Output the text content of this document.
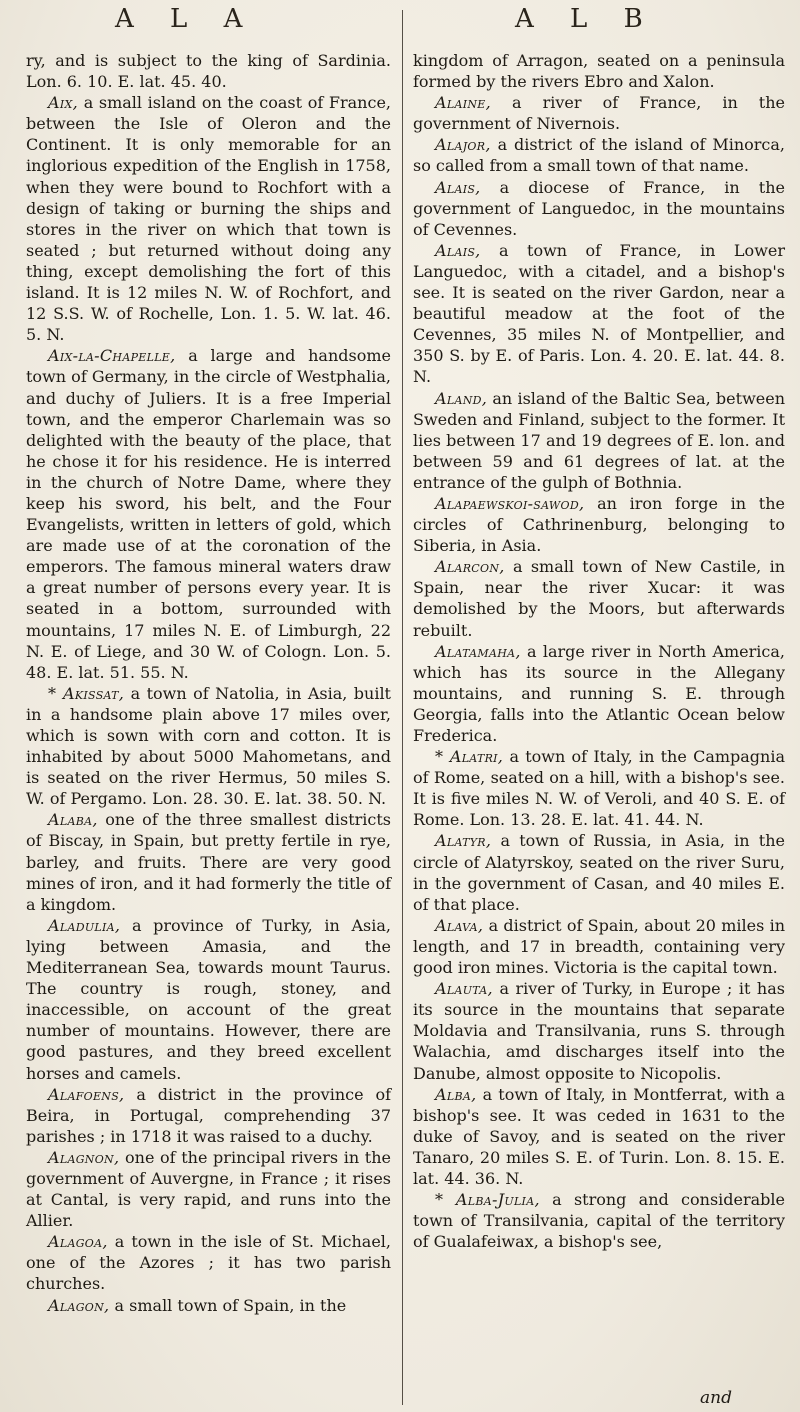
A L A	A L B

ry, and is subject to the king of Sardinia. Lon. 6. 10. E. lat. 45. 40.

Aix, a small island on the coast of France, between the Isle of Oleron and the Continent. It is only memorable for an inglorious expedition of the English in 1758, when they were bound to Rochfort with a design of taking or burning the ships and stores in the river on which that town is seated ; but returned without doing any thing, except demolishing the fort of this island. It is 12 miles N. W. of Rochfort, and 12 S.S. W. of Rochelle, Lon. 1. 5. W. lat. 46. 5. N.

Aix-la-Chapelle, a large and handsome town of Germany, in the circle of Westphalia, and duchy of Juliers. It is a free Imperial town, and the emperor Charlemain was so delighted with the beauty of the place, that he chose it for his residence. He is interred in the church of Notre Dame, where they keep his sword, his belt, and the Four Evangelists, written in letters of gold, which are made use of at the coronation of the emperors. The famous mineral waters draw a great number of persons every year. It is seated in a bottom, surrounded with mountains, 17 miles N. E. of Limburgh, 22 N. E. of Liege, and 30 W. of Cologn. Lon. 5. 48. E. lat. 51. 55. N.

* Akissat, a town of Natolia, in Asia, built in a handsome plain above 17 miles over, which is sown with corn and cotton. It is inhabited by about 5000 Mahometans, and is seated on the river Hermus, 50 miles S. W. of Pergamo. Lon. 28. 30. E. lat. 38. 50. N.

Alaba, one of the three smallest districts of Biscay, in Spain, but pretty fertile in rye, barley, and fruits. There are very good mines of iron, and it had formerly the title of a kingdom.

Aladulia, a province of Turky, in Asia, lying between Amasia, and the Mediterranean Sea, towards mount Taurus. The country is rough, stoney, and inaccessible, on account of the great number of mountains. However, there are good pastures, and they breed excellent horses and camels.

Alafoens, a district in the province of Beira, in Portugal, comprehending 37 parishes ; in 1718 it was raised to a duchy.

Alagnon, one of the principal rivers in the government of Auvergne, in France ; it rises at Cantal, is very rapid, and runs into the Allier.

Alagoa, a town in the isle of St. Michael, one of the Azores ; it has two parish churches.

Alagon, a small town of Spain, in the

kingdom of Arragon, seated on a peninsula formed by the rivers Ebro and Xalon.

Alaine, a river of France, in the government of Nivernois.

Alajor, a district of the island of Minorca, so called from a small town of that name.

Alais, a diocese of France, in the government of Languedoc, in the mountains of Cevennes.

Alais, a town of France, in Lower Languedoc, with a citadel, and a bishop's see. It is seated on the river Gardon, near a beautiful meadow at the foot of the Cevennes, 35 miles N. of Montpellier, and 350 S. by E. of Paris. Lon. 4. 20. E. lat. 44. 8. N.

Aland, an island of the Baltic Sea, between Sweden and Finland, subject to the former. It lies between 17 and 19 degrees of E. lon. and between 59 and 61 degrees of lat. at the entrance of the gulph of Bothnia.

Alapaewskoi-sawod, an iron forge in the circles of Cathrinenburg, belonging to Siberia, in Asia.

Alarcon, a small town of New Castile, in Spain, near the river Xucar: it was demolished by the Moors, but afterwards rebuilt.

Alatamaha, a large river in North America, which has its source in the Allegany mountains, and running S. E. through Georgia, falls into the Atlantic Ocean below Frederica.

* Alatri, a town of Italy, in the Campagnia of Rome, seated on a hill, with a bishop's see. It is five miles N. W. of Veroli, and 40 S. E. of Rome. Lon. 13. 28. E. lat. 41. 44. N.

Alatyr, a town of Russia, in Asia, in the circle of Alatyrskoy, seated on the river Suru, in the government of Casan, and 40 miles E. of that place.

Alava, a district of Spain, about 20 miles in length, and 17 in breadth, containing very good iron mines. Victoria is the capital town.

Alauta, a river of Turky, in Europe ; it has its source in the mountains that separate Moldavia and Transilvania, runs S. through Walachia, amd discharges itself into the Danube, almost opposite to Nicopolis.

Alba, a town of Italy, in Montferrat, with a bishop's see. It was ceded in 1631 to the duke of Savoy, and is seated on the river Tanaro, 20 miles S. E. of Turin. Lon. 8. 15. E. lat. 44. 36. N.

* Alba-Julia, a strong and considerable town of Transilvania, capital of the territory of Gualafeiwax, a bishop's see,

and
